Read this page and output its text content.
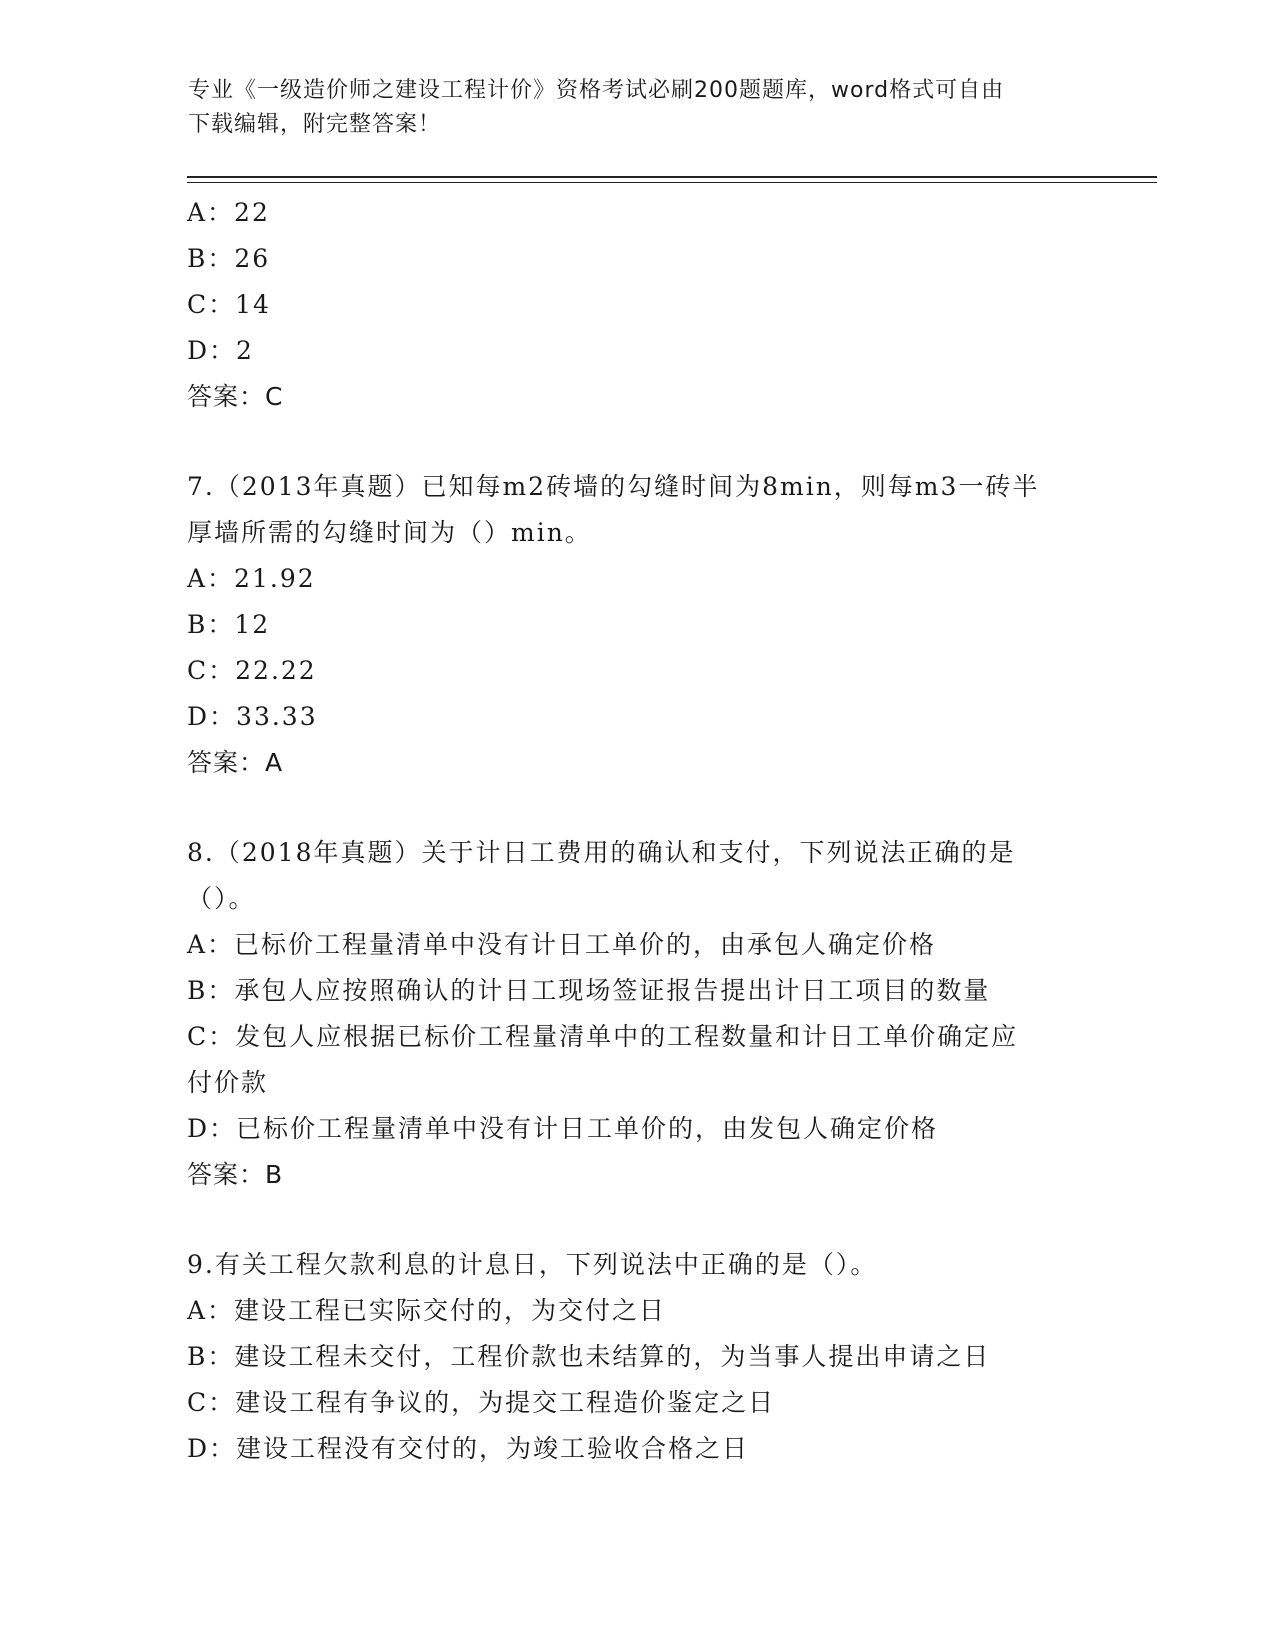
专业《一级造价师之建设工程计价》资格考试必刷200题题库，word格式可自由
下载编辑，附完整答案！
A：22
B：26
C：14
D：2
答案：C
7.（2013年真题）已知每m2砖墙的勾缝时间为8min，则每m3一砖半
厚墙所需的勾缝时间为（）min。
A：21.92
B：12
C：22.22
D：33.33
答案：A
8.（2018年真题）关于计日工费用的确认和支付，下列说法正确的是
（）。
A：已标价工程量清单中没有计日工单价的，由承包人确定价格
B：承包人应按照确认的计日工现场签证报告提出计日工项目的数量
C：发包人应根据已标价工程量清单中的工程数量和计日工单价确定应
付价款
D：已标价工程量清单中没有计日工单价的，由发包人确定价格
答案：B
9.有关工程欠款利息的计息日，下列说法中正确的是（）。
A：建设工程已实际交付的，为交付之日
B：建设工程未交付，工程价款也未结算的，为当事人提出申请之日
C：建设工程有争议的，为提交工程造价鉴定之日
D：建设工程没有交付的，为竣工验收合格之日
